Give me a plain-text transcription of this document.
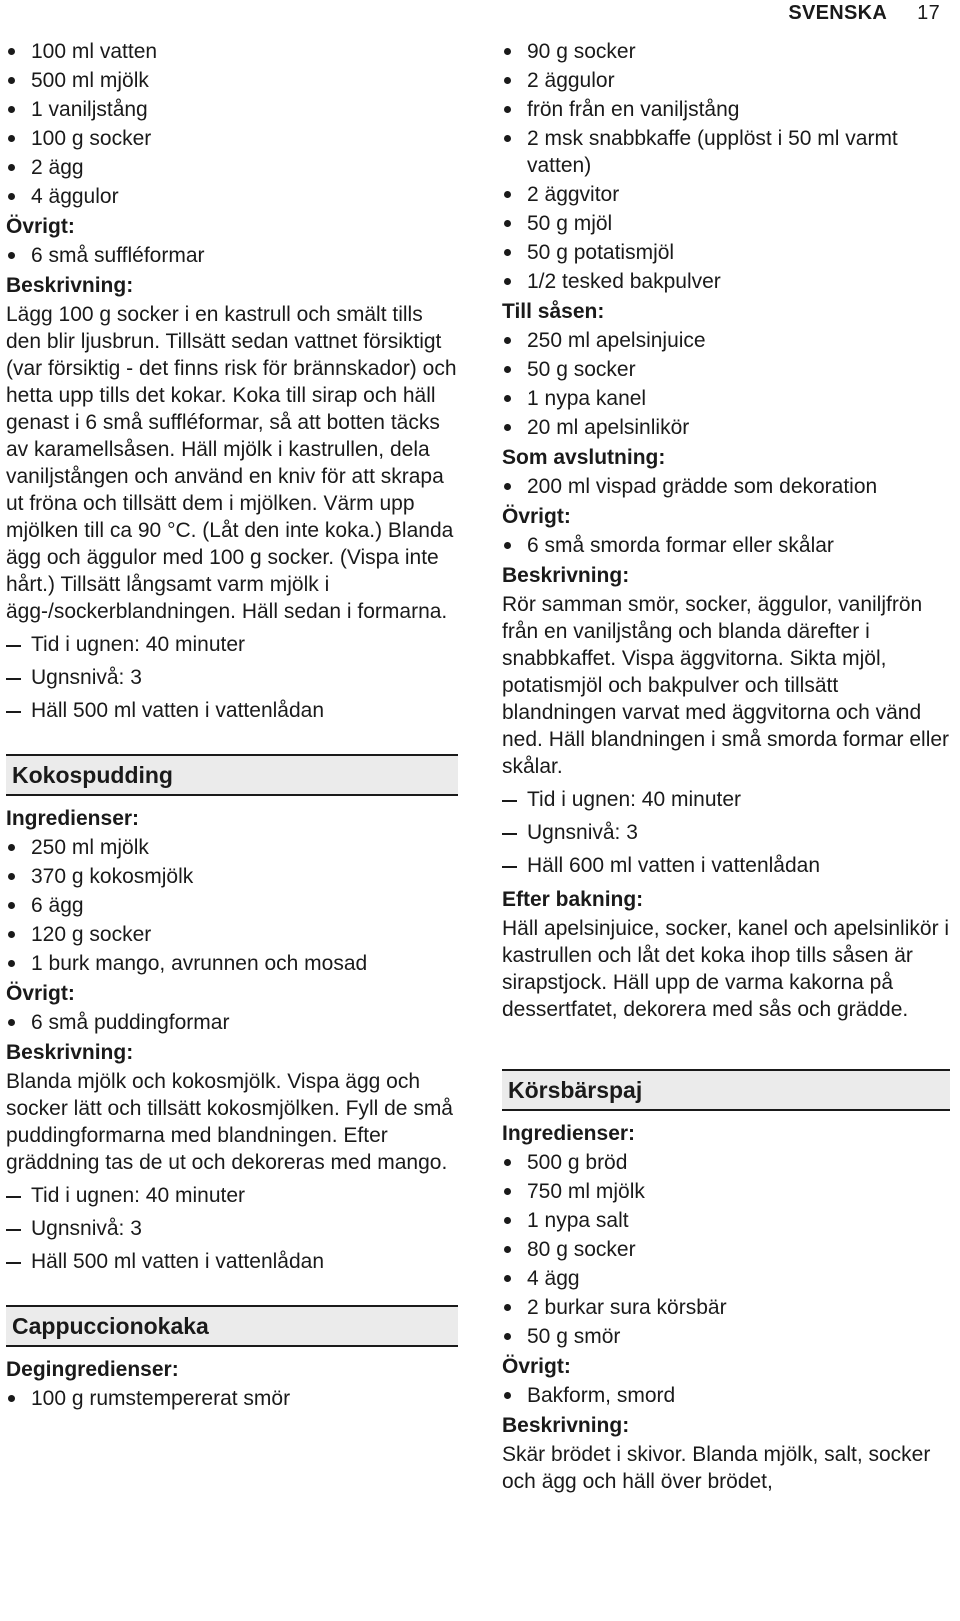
SVENSKA 17
100 ml vatten
500 ml mjölk
1 vaniljstång
100 g socker
2 ägg
4 äggulor
Övrigt:
6 små suffléformar
Beskrivning:

Lägg 100 g socker i en kastrull och smält tills den blir ljusbrun. Tillsätt sedan vattnet försiktigt (var försiktig - det finns risk för brännskador) och hetta upp tills det kokar. Koka till sirap och häll genast i 6 små suffléformar, så att botten täcks av karamellsåsen. Häll mjölk i kastrullen, dela vaniljstången och använd en kniv för att skrapa ut fröna och tillsätt dem i mjölken. Värm upp mjölken till ca 90 °C. (Låt den inte koka.) Blanda ägg och äggulor med 100 g socker. (Vispa inte hårt.) Tillsätt långsamt varm mjölk i ägg-/sockerblandningen. Häll sedan i formarna.

Tid i ugnen: 40 minuter
Ugnsnivå: 3
Häll 500 ml vatten i vattenlådan
Kokospudding
Ingredienser:
250 ml mjölk
370 g kokosmjölk
6 ägg
120 g socker
1 burk mango, avrunnen och mosad
Övrigt:
6 små puddingformar
Beskrivning:

Blanda mjölk och kokosmjölk. Vispa ägg och socker lätt och tillsätt kokosmjölken. Fyll de små puddingformarna med blandningen. Efter gräddning tas de ut och dekoreras med mango.

Tid i ugnen: 40 minuter
Ugnsnivå: 3
Häll 500 ml vatten i vattenlådan
Cappuccionokaka
Degingredienser:
100 g rumstempererat smör
90 g socker
2 äggulor
frön från en vaniljstång
2 msk snabbkaffe (upplöst i 50 ml varmt vatten)
2 äggvitor
50 g mjöl
50 g potatismjöl
1/2 tesked bakpulver
Till såsen:
250 ml apelsinjuice
50 g socker
1 nypa kanel
20 ml apelsinlikör
Som avslutning:
200 ml vispad grädde som dekoration
Övrigt:
6 små smorda formar eller skålar
Beskrivning:

Rör samman smör, socker, äggulor, vaniljfrön från en vaniljstång och blanda därefter i snabbkaffet. Vispa äggvitorna. Sikta mjöl, potatismjöl och bakpulver och tillsätt blandningen varvat med äggvitorna och vänd ned. Häll blandningen i små smorda formar eller skålar.

Tid i ugnen: 40 minuter
Ugnsnivå: 3
Häll 600 ml vatten i vattenlådan
Efter bakning:

Häll apelsinjuice, socker, kanel och apelsinlikör i kastrullen och låt det koka ihop tills såsen är sirapstjock. Häll upp de varma kakorna på dessertfatet, dekorera med sås och grädde.

Körsbärspaj
Ingredienser:
500 g bröd
750 ml mjölk
1 nypa salt
80 g socker
4 ägg
2 burkar sura körsbär
50 g smör
Övrigt:
Bakform, smord
Beskrivning:

Skär brödet i skivor. Blanda mjölk, salt, socker och ägg och häll över brödet,
